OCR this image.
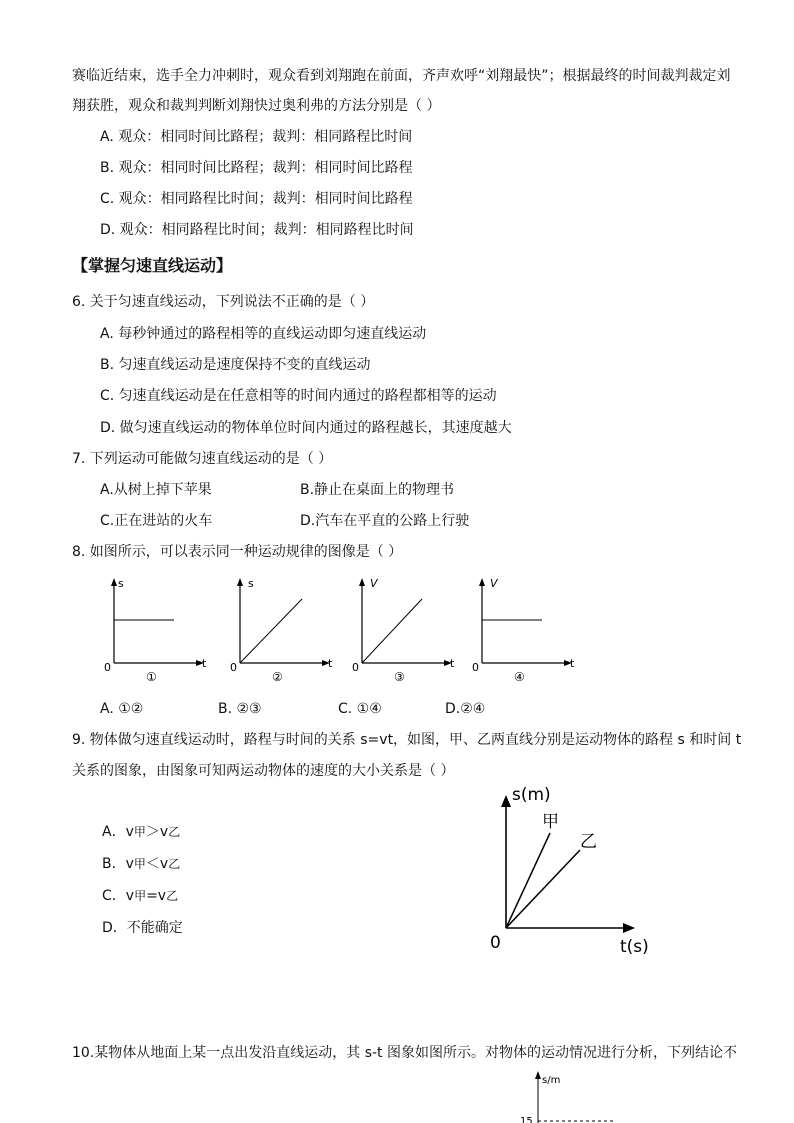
赛临近结束，选手全力冲刺时，观众看到刘翔跑在前面，齐声欢呼“刘翔最快”；根据最终的时间裁判裁定刘
翔获胜，观众和裁判判断刘翔快过奥利弗的方法分别是（ ）
A. 观众：相同时间比路程；裁判：相同路程比时间
B. 观众：相同时间比路程；裁判：相同时间比路程
C. 观众：相同路程比时间；裁判：相同时间比路程
D. 观众：相同路程比时间；裁判：相同路程比时间
【掌握匀速直线运动】
6. 关于匀速直线运动，下列说法不正确的是（ ）
A. 每秒钟通过的路程相等的直线运动即匀速直线运动
B. 匀速直线运动是速度保持不变的直线运动
C. 匀速直线运动是在任意相等的时间内通过的路程都相等的运动
D. 做匀速直线运动的物体单位时间内通过的路程越长，其速度越大
7. 下列运动可能做匀速直线运动的是（ ）
A.从树上掉下苹果	B.静止在桌面上的物理书
C.正在进站的火车	D.汽车在平直的公路上行驶
8. 如图所示，可以表示同一种运动规律的图像是（ ）
s
0	t
①
s
0	t
②
V
0	t
③
V
0	t
④
A. ①②	B. ②③	C. ①④	D.②④
9. 物体做匀速直线运动时，路程与时间的关系 s=vt，如图，甲、乙两直线分别是运动物体的路程 s 和时间 t
关系的图象，由图象可知两运动物体的速度的大小关系是（ ）
A．v甲＞v乙
B．v甲＜v乙
C．v甲=v乙
D．不能确定
s(m)
甲
乙
0	t(s)
10.某物体从地面上某一点出发沿直线运动，其 s-t 图象如图所示。对物体的运动情况进行分析，下列结论不
s/m
15
